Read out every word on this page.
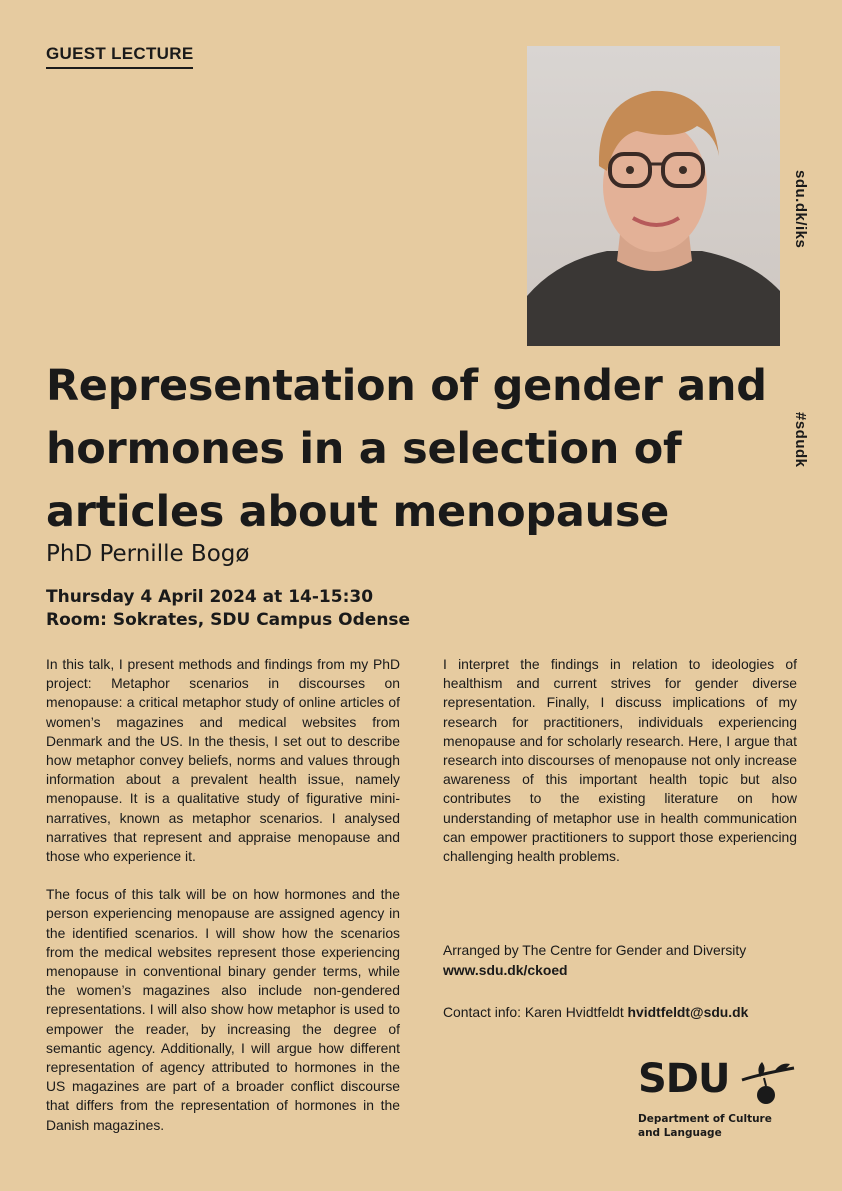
GUEST LECTURE
sdu.dk/iks
#sdudk
Representation of gender and hormones in a selection of articles about menopause
PhD Pernille Bogø
Thursday 4 April 2024 at 14-15:30
Room: Sokrates, SDU Campus Odense

In this talk, I present methods and findings from my PhD project: Metaphor scenarios in discourses on menopause: a critical metaphor study of online articles of women’s magazines and medical websites from Denmark and the US. In the thesis, I set out to describe how metaphor convey beliefs, norms and values through information about a prevalent health issue, namely menopause. It is a qualitative study of figurative mini-narratives, known as metaphor scenarios. I analysed narratives that represent and appraise menopause and those who experience it.

The focus of this talk will be on how hormones and the person experiencing menopause are assigned agency in the identified scenarios. I will show how the scenarios from the medical websites represent those experiencing menopause in conventional binary gender terms, while the women’s magazines also include non-gendered representations. I will also show how metaphor is used to empower the reader, by increasing the degree of semantic agency. Additionally, I will argue how different representation of agency attributed to hormones in the US magazines are part of a broader conflict discourse that differs from the representation of hormones in the Danish magazines.

I interpret the findings in relation to ideologies of healthism and current strives for gender diverse representation. Finally, I discuss implications of my research for practitioners, individuals experiencing menopause and for scholarly research. Here, I argue that research into discourses of menopause not only increase awareness of this important health topic but also contributes to the existing literature on how understanding of metaphor use in health communication can empower practitioners to support those experiencing challenging health problems.

Arranged by The Centre for Gender and Diversity
www.sdu.dk/ckoed
Contact info: Karen Hvidtfeldt hvidtfeldt@sdu.dk
SDU
Department of Culture
and Language
